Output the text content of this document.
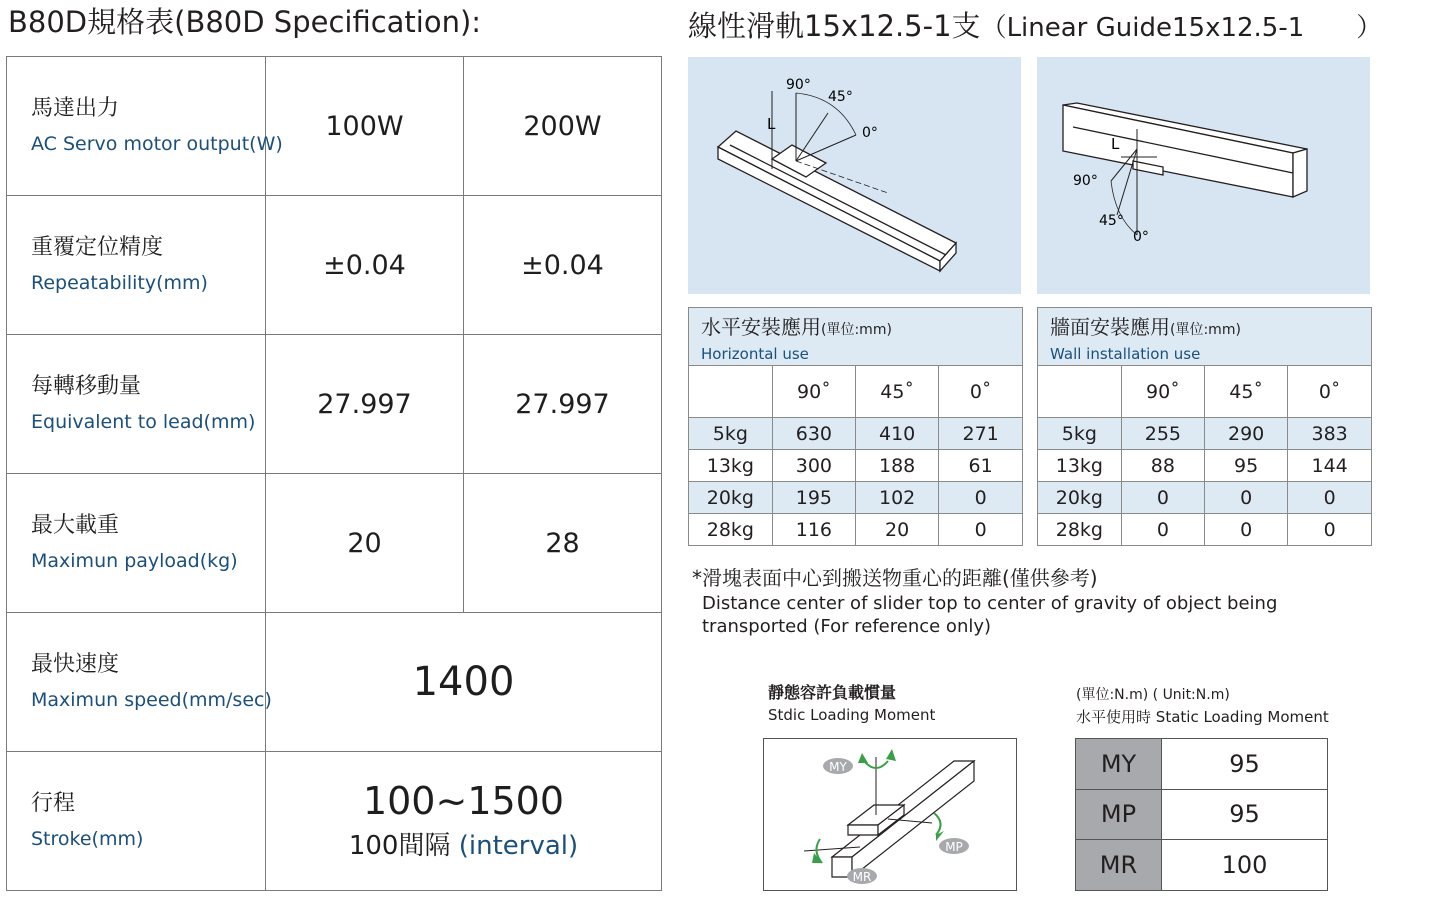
B80D規格表(B80D Specification):
馬達出力
AC Servo motor output(W)	100W	200W

重覆定位精度
Repeatability(mm)	±0.04	±0.04

每轉移動量
Equivalent to lead(mm)	27.997	27.997

最大載重
Maximun payload(kg)	20	28

最快速度
Maximun speed(mm/sec)	1400	

行程
Stroke(mm)	100~1500
100間隔 (interval)	
線性滑軌15x12.5-1支（Linear Guide15x12.5-1　　）
90°
45°
0°
L
90°
45°
0°
L
水平安裝應用(單位:mm)
Horizontal use
	90˚	45˚	0˚
5kg	630	410	271
13kg	300	188	61
20kg	195	102	0
28kg	116	20	0
牆面安裝應用(單位:mm)
Wall installation use
	90˚	45˚	0˚
5kg	255	290	383
13kg	88	95	144
20kg	0	0	0
28kg	0	0	0
*滑塊表面中心到搬送物重心的距離(僅供參考)
Distance center of slider top to center of gravity of object being transported (For reference only)
靜態容許負載慣量
Stdic Loading Moment
MY
MP
MR
(單位:N.m) ( Unit:N.m)
水平使用時 Static Loading Moment
MY	95
MP	95
MR	100
